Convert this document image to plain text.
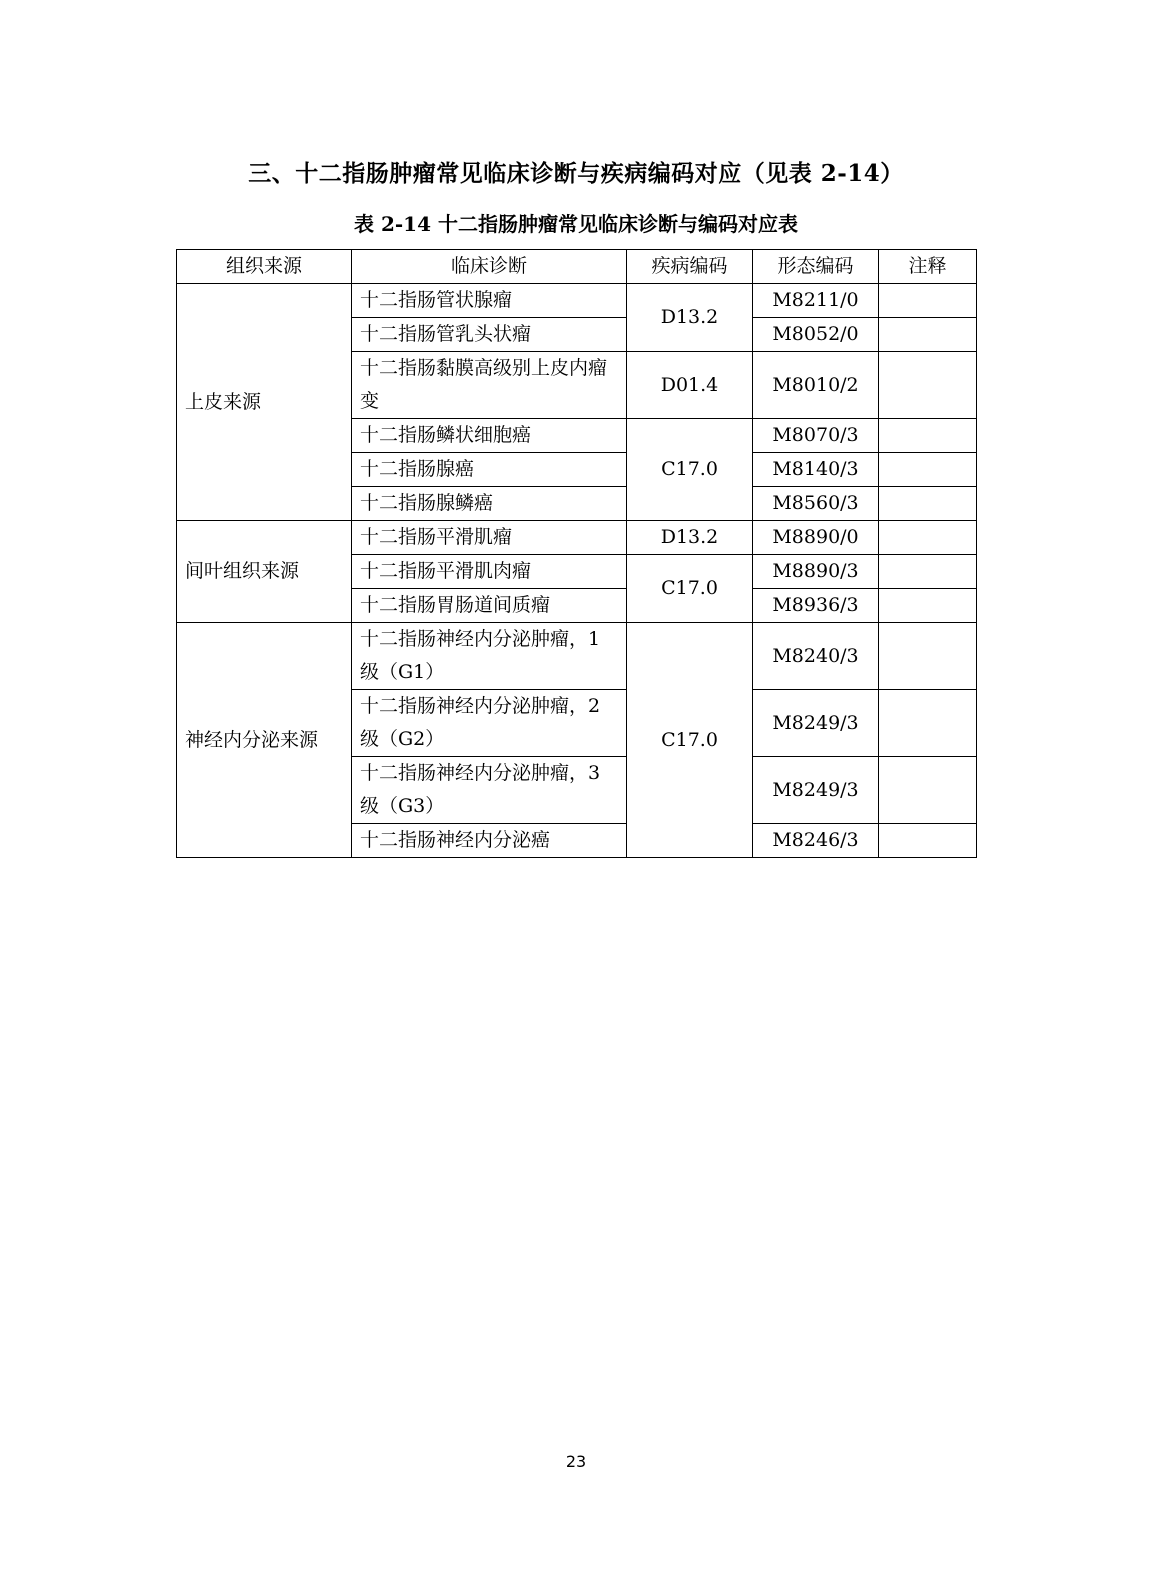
三、十二指肠肿瘤常见临床诊断与疾病编码对应（见表 2-14）
表 2-14 十二指肠肿瘤常见临床诊断与编码对应表
组织来源	临床诊断	疾病编码	形态编码	注释
上皮来源	十二指肠管状腺瘤	D13.2	M8211/0	
	十二指肠管乳头状瘤		M8052/0	
	十二指肠黏膜高级别上皮内瘤变	D01.4	M8010/2	
	十二指肠鳞状细胞癌	C17.0	M8070/3	
	十二指肠腺癌		M8140/3	
	十二指肠腺鳞癌		M8560/3	
间叶组织来源	十二指肠平滑肌瘤	D13.2	M8890/0	
	十二指肠平滑肌肉瘤	C17.0	M8890/3	
	十二指肠胃肠道间质瘤		M8936/3	
神经内分泌来源	十二指肠神经内分泌肿瘤，1 级（G1）	C17.0	M8240/3	
	十二指肠神经内分泌肿瘤，2 级（G2）		M8249/3	
	十二指肠神经内分泌肿瘤，3 级（G3）		M8249/3	
	十二指肠神经内分泌癌		M8246/3	
23
